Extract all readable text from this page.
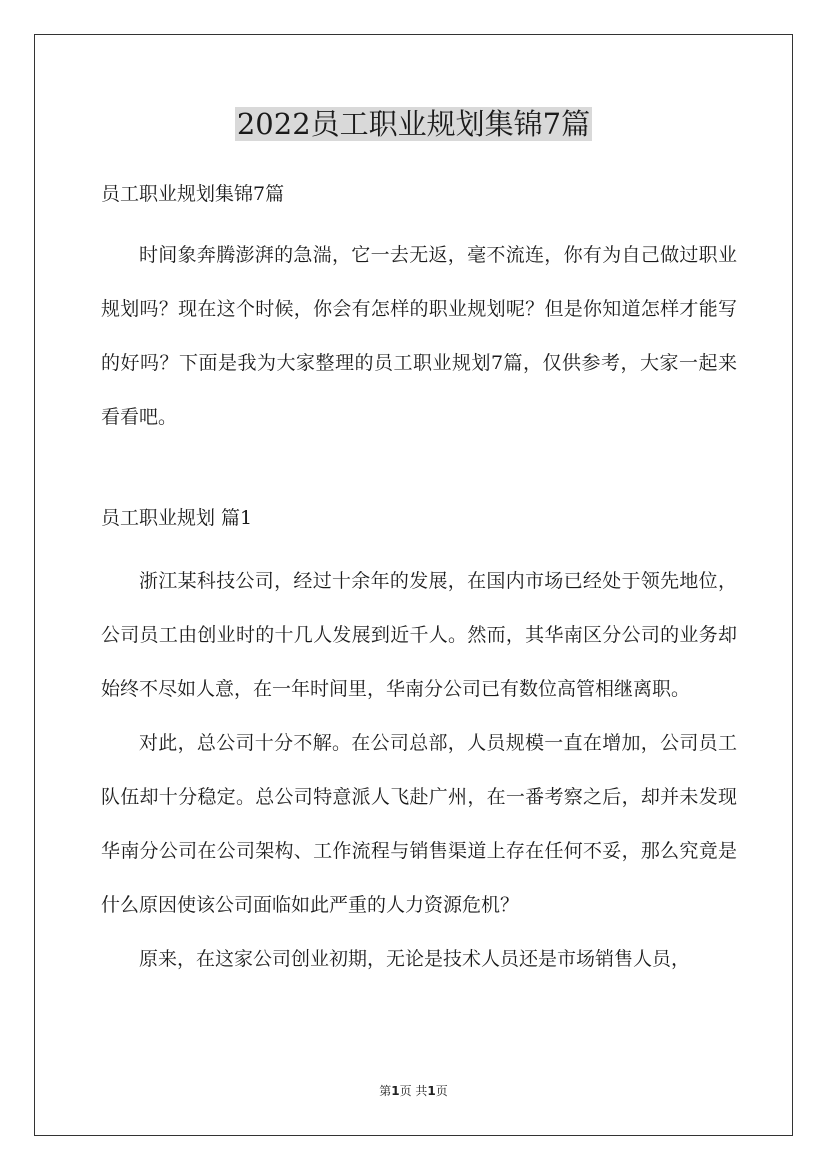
2022员工职业规划集锦7篇
员工职业规划集锦7篇

时间象奔腾澎湃的急湍，它一去无返，毫不流连，你有为自己做过职业规划吗？现在这个时候，你会有怎样的职业规划呢？但是你知道怎样才能写的好吗？下面是我为大家整理的员工职业规划7篇，仅供参考，大家一起来看看吧。

员工职业规划 篇1

浙江某科技公司，经过十余年的发展，在国内市场已经处于领先地位，公司员工由创业时的十几人发展到近千人。然而，其华南区分公司的业务却始终不尽如人意，在一年时间里，华南分公司已有数位高管相继离职。

对此，总公司十分不解。在公司总部，人员规模一直在增加，公司员工队伍却十分稳定。总公司特意派人飞赴广州，在一番考察之后，却并未发现华南分公司在公司架构、工作流程与销售渠道上存在任何不妥，那么究竟是什么原因使该公司面临如此严重的人力资源危机？

原来，在这家公司创业初期，无论是技术人员还是市场销售人员，

第1页 共1页
